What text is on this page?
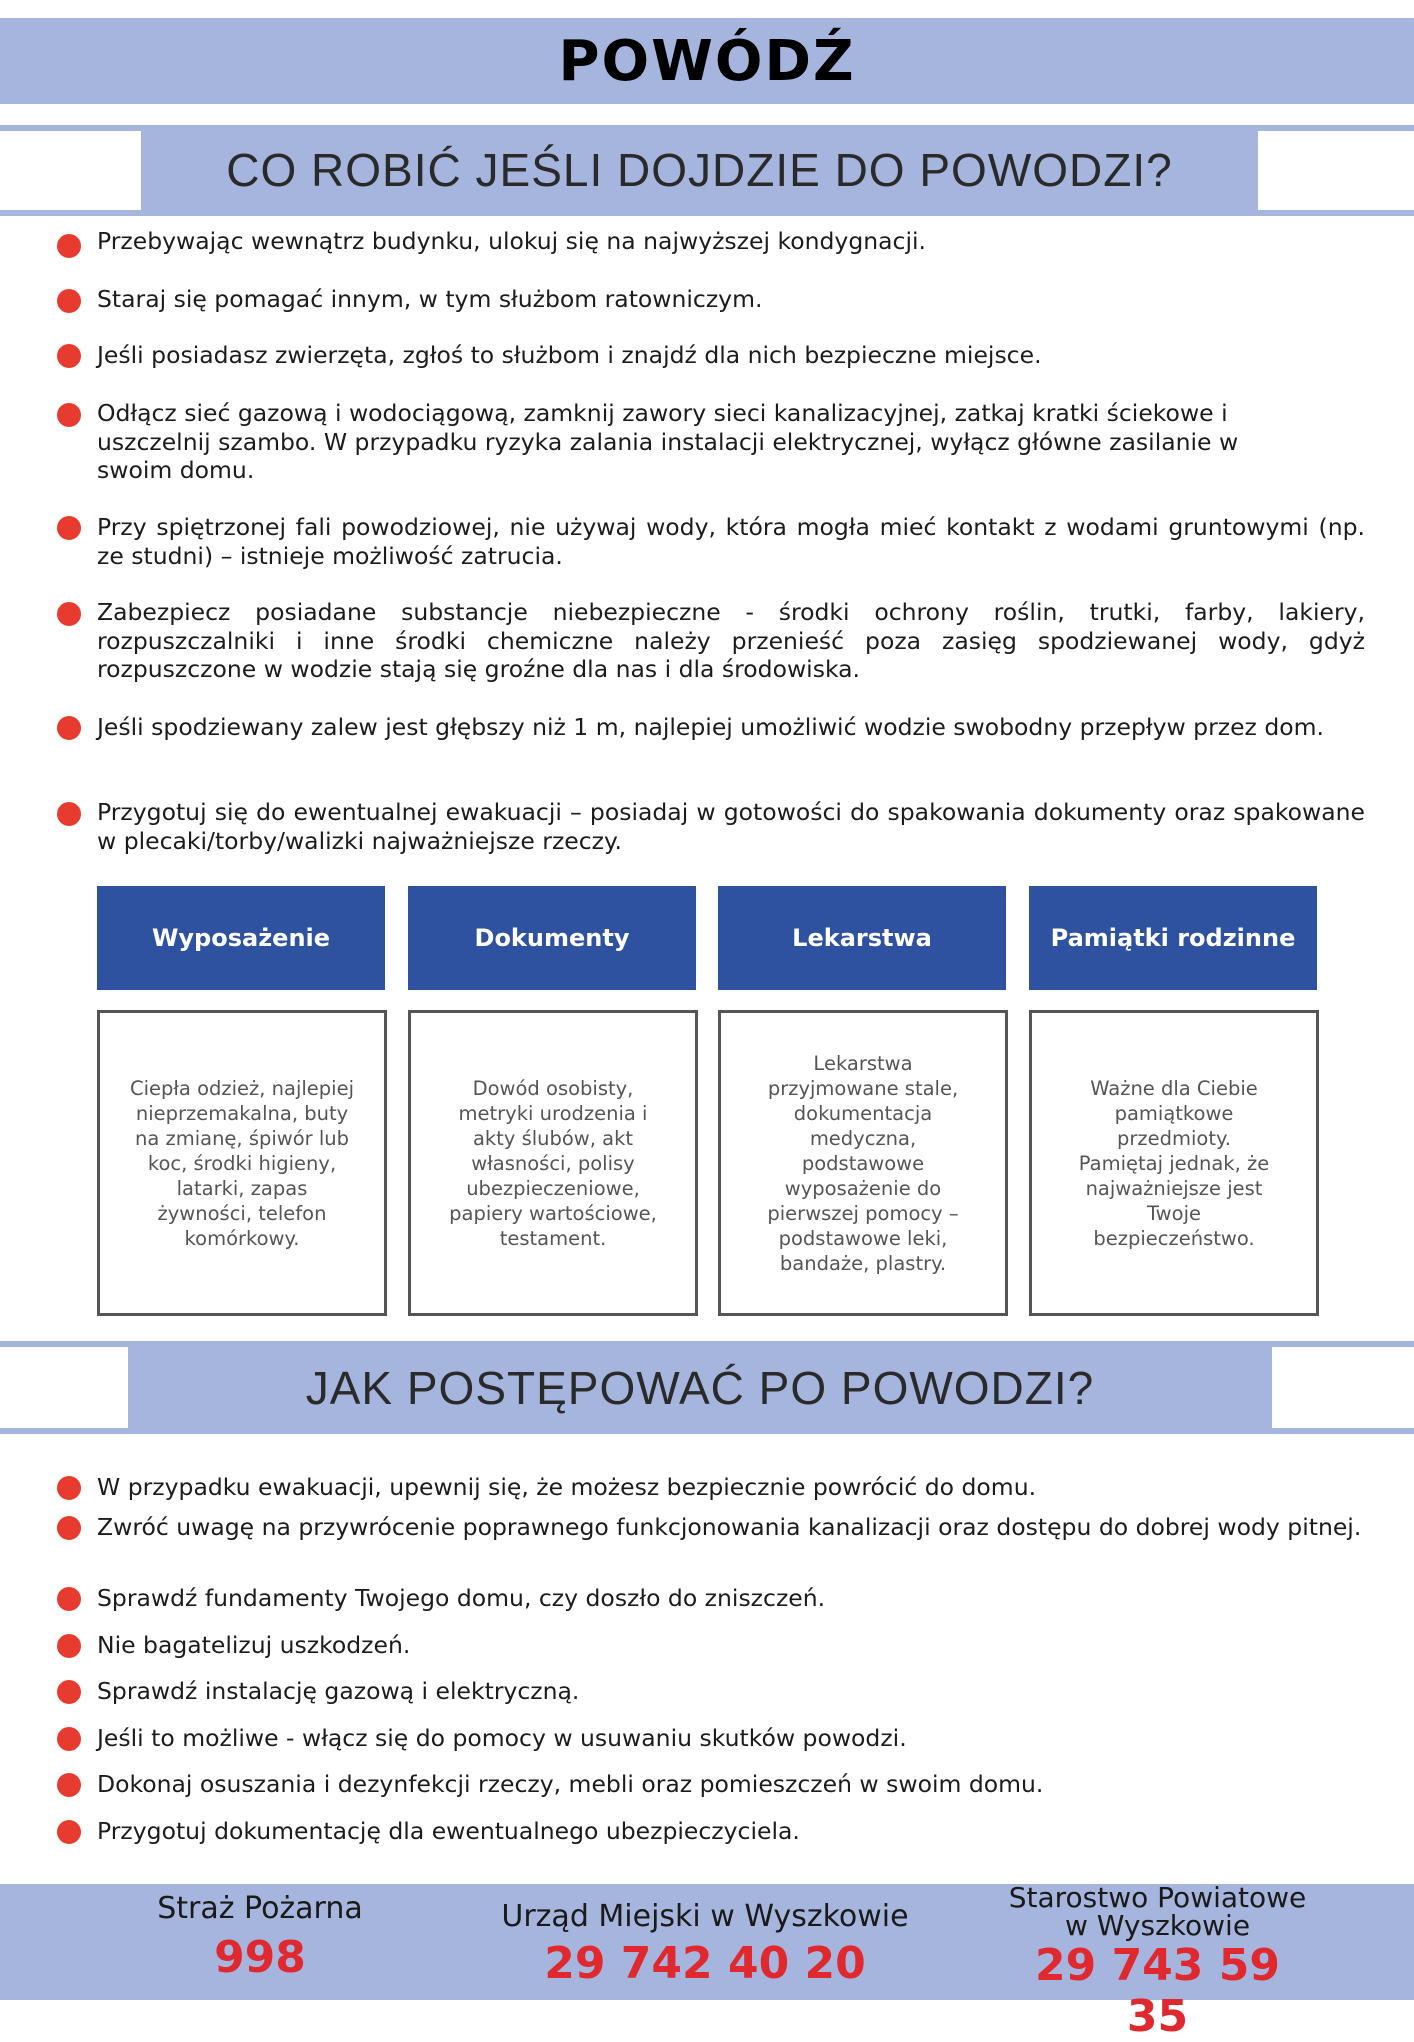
POWÓDŹ
CO ROBIĆ JEŚLI DOJDZIE DO POWODZI?
Przebywając wewnątrz budynku, ulokuj się na najwyższej kondygnacji.
Staraj się pomagać innym, w tym służbom ratowniczym.
Jeśli posiadasz zwierzęta, zgłoś to służbom i znajdź dla nich bezpieczne miejsce.
Odłącz sieć gazową i wodociągową, zamknij zawory sieci kanalizacyjnej, zatkaj kratki ściekowe i uszczelnij szambo. W przypadku ryzyka zalania instalacji elektrycznej, wyłącz główne zasilanie w swoim domu.
Przy spiętrzonej fali powodziowej, nie używaj wody, która mogła mieć kontakt z wodami gruntowymi (np. ze studni) – istnieje możliwość zatrucia.
Zabezpiecz posiadane substancje niebezpieczne - środki ochrony roślin, trutki, farby, lakiery, rozpuszczalniki i inne środki chemiczne należy przenieść poza zasięg spodziewanej wody, gdyż rozpuszczone w wodzie stają się groźne dla nas i dla środowiska.
Jeśli spodziewany zalew jest głębszy niż 1 m, najlepiej umożliwić wodzie swobodny przepływ przez dom.
Przygotuj się do ewentualnej ewakuacji – posiadaj w gotowości do spakowania dokumenty oraz spakowane w plecaki/torby/walizki najważniejsze rzeczy.
Wyposażenie	Dokumenty	Lekarstwa	Pamiątki rodzinne
Ciepła odzież, najlepiej nieprzemakalna, buty na zmianę, śpiwór lub koc, środki higieny, latarki, zapas żywności, telefon komórkowy.
Dowód osobisty, metryki urodzenia i akty ślubów, akt własności, polisy ubezpieczeniowe, papiery wartościowe, testament.
Lekarstwa przyjmowane stale, dokumentacja medyczna, podstawowe wyposażenie do pierwszej pomocy – podstawowe leki, bandaże, plastry.
Ważne dla Ciebie pamiątkowe przedmioty. Pamiętaj jednak, że najważniejsze jest Twoje bezpieczeństwo.
JAK POSTĘPOWAĆ PO POWODZI?
W przypadku ewakuacji, upewnij się, że możesz bezpiecznie powrócić do domu.
Zwróć uwagę na przywrócenie poprawnego funkcjonowania kanalizacji oraz dostępu do dobrej wody pitnej.
Sprawdź fundamenty Twojego domu, czy doszło do zniszczeń.
Nie bagatelizuj uszkodzeń.
Sprawdź instalację gazową i elektryczną.
Jeśli to możliwe - włącz się do pomocy w usuwaniu skutków powodzi.
Dokonaj osuszania i dezynfekcji rzeczy, mebli oraz pomieszczeń w swoim domu.
Przygotuj dokumentację dla ewentualnego ubezpieczyciela.
Straż Pożarna
998
Urząd Miejski w Wyszkowie
29 742 40 20
Starostwo Powiatowe w Wyszkowie
29 743 59 35
